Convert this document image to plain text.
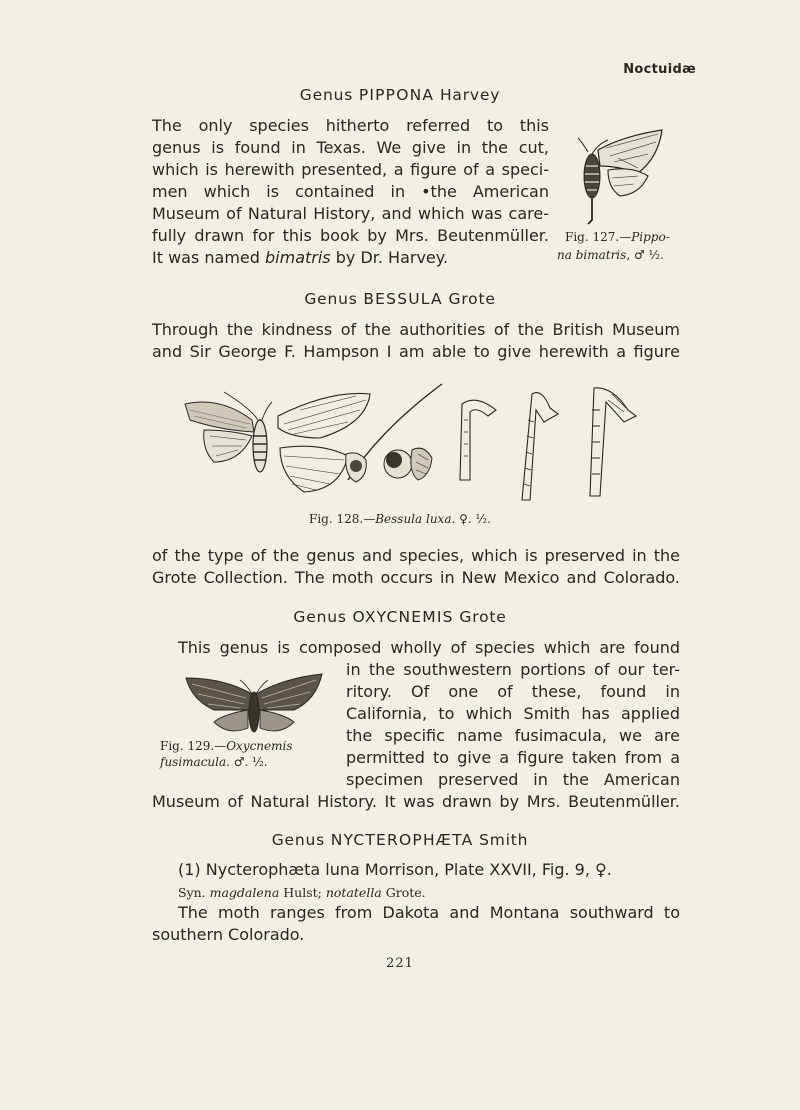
Noctuidæ
Genus PIPPONA Harvey
The only species hitherto referred to this
genus is found in Texas. We give in the cut,
which is herewith presented, a figure of a speci-
men which is contained in •the American
Museum of Natural History, and which was care-
fully drawn for this book by Mrs. Beutenmüller.
It was named bimatris by Dr. Harvey.
Fig. 127.—Pippo-
na bimatris, ♂ ½.
Genus BESSULA Grote
Through the kindness of the authorities of the British Museum
and Sir George F. Hampson I am able to give herewith a figure
Fig. 128.—Bessula luxa. ♀. ½.
of the type of the genus and species, which is preserved in the
Grote Collection. The moth occurs in New Mexico and Colorado.
Genus OXYCNEMIS Grote
This genus is composed wholly of species which are found
in the southwestern portions of our ter-
ritory. Of one of these, found in
California, to which Smith has applied
the specific name fusimacula, we are
permitted to give a figure taken from a
specimen preserved in the American
Museum of Natural History. It was drawn by Mrs. Beutenmüller.
Fig. 129.—Oxycnemis
fusimacula. ♂. ½.
Genus NYCTEROPHÆTA Smith
(1) Nycterophæta luna Morrison, Plate XXVII, Fig. 9, ♀.
Syn. magdalena Hulst; notatella Grote.
The moth ranges from Dakota and Montana southward to
southern Colorado.
221
